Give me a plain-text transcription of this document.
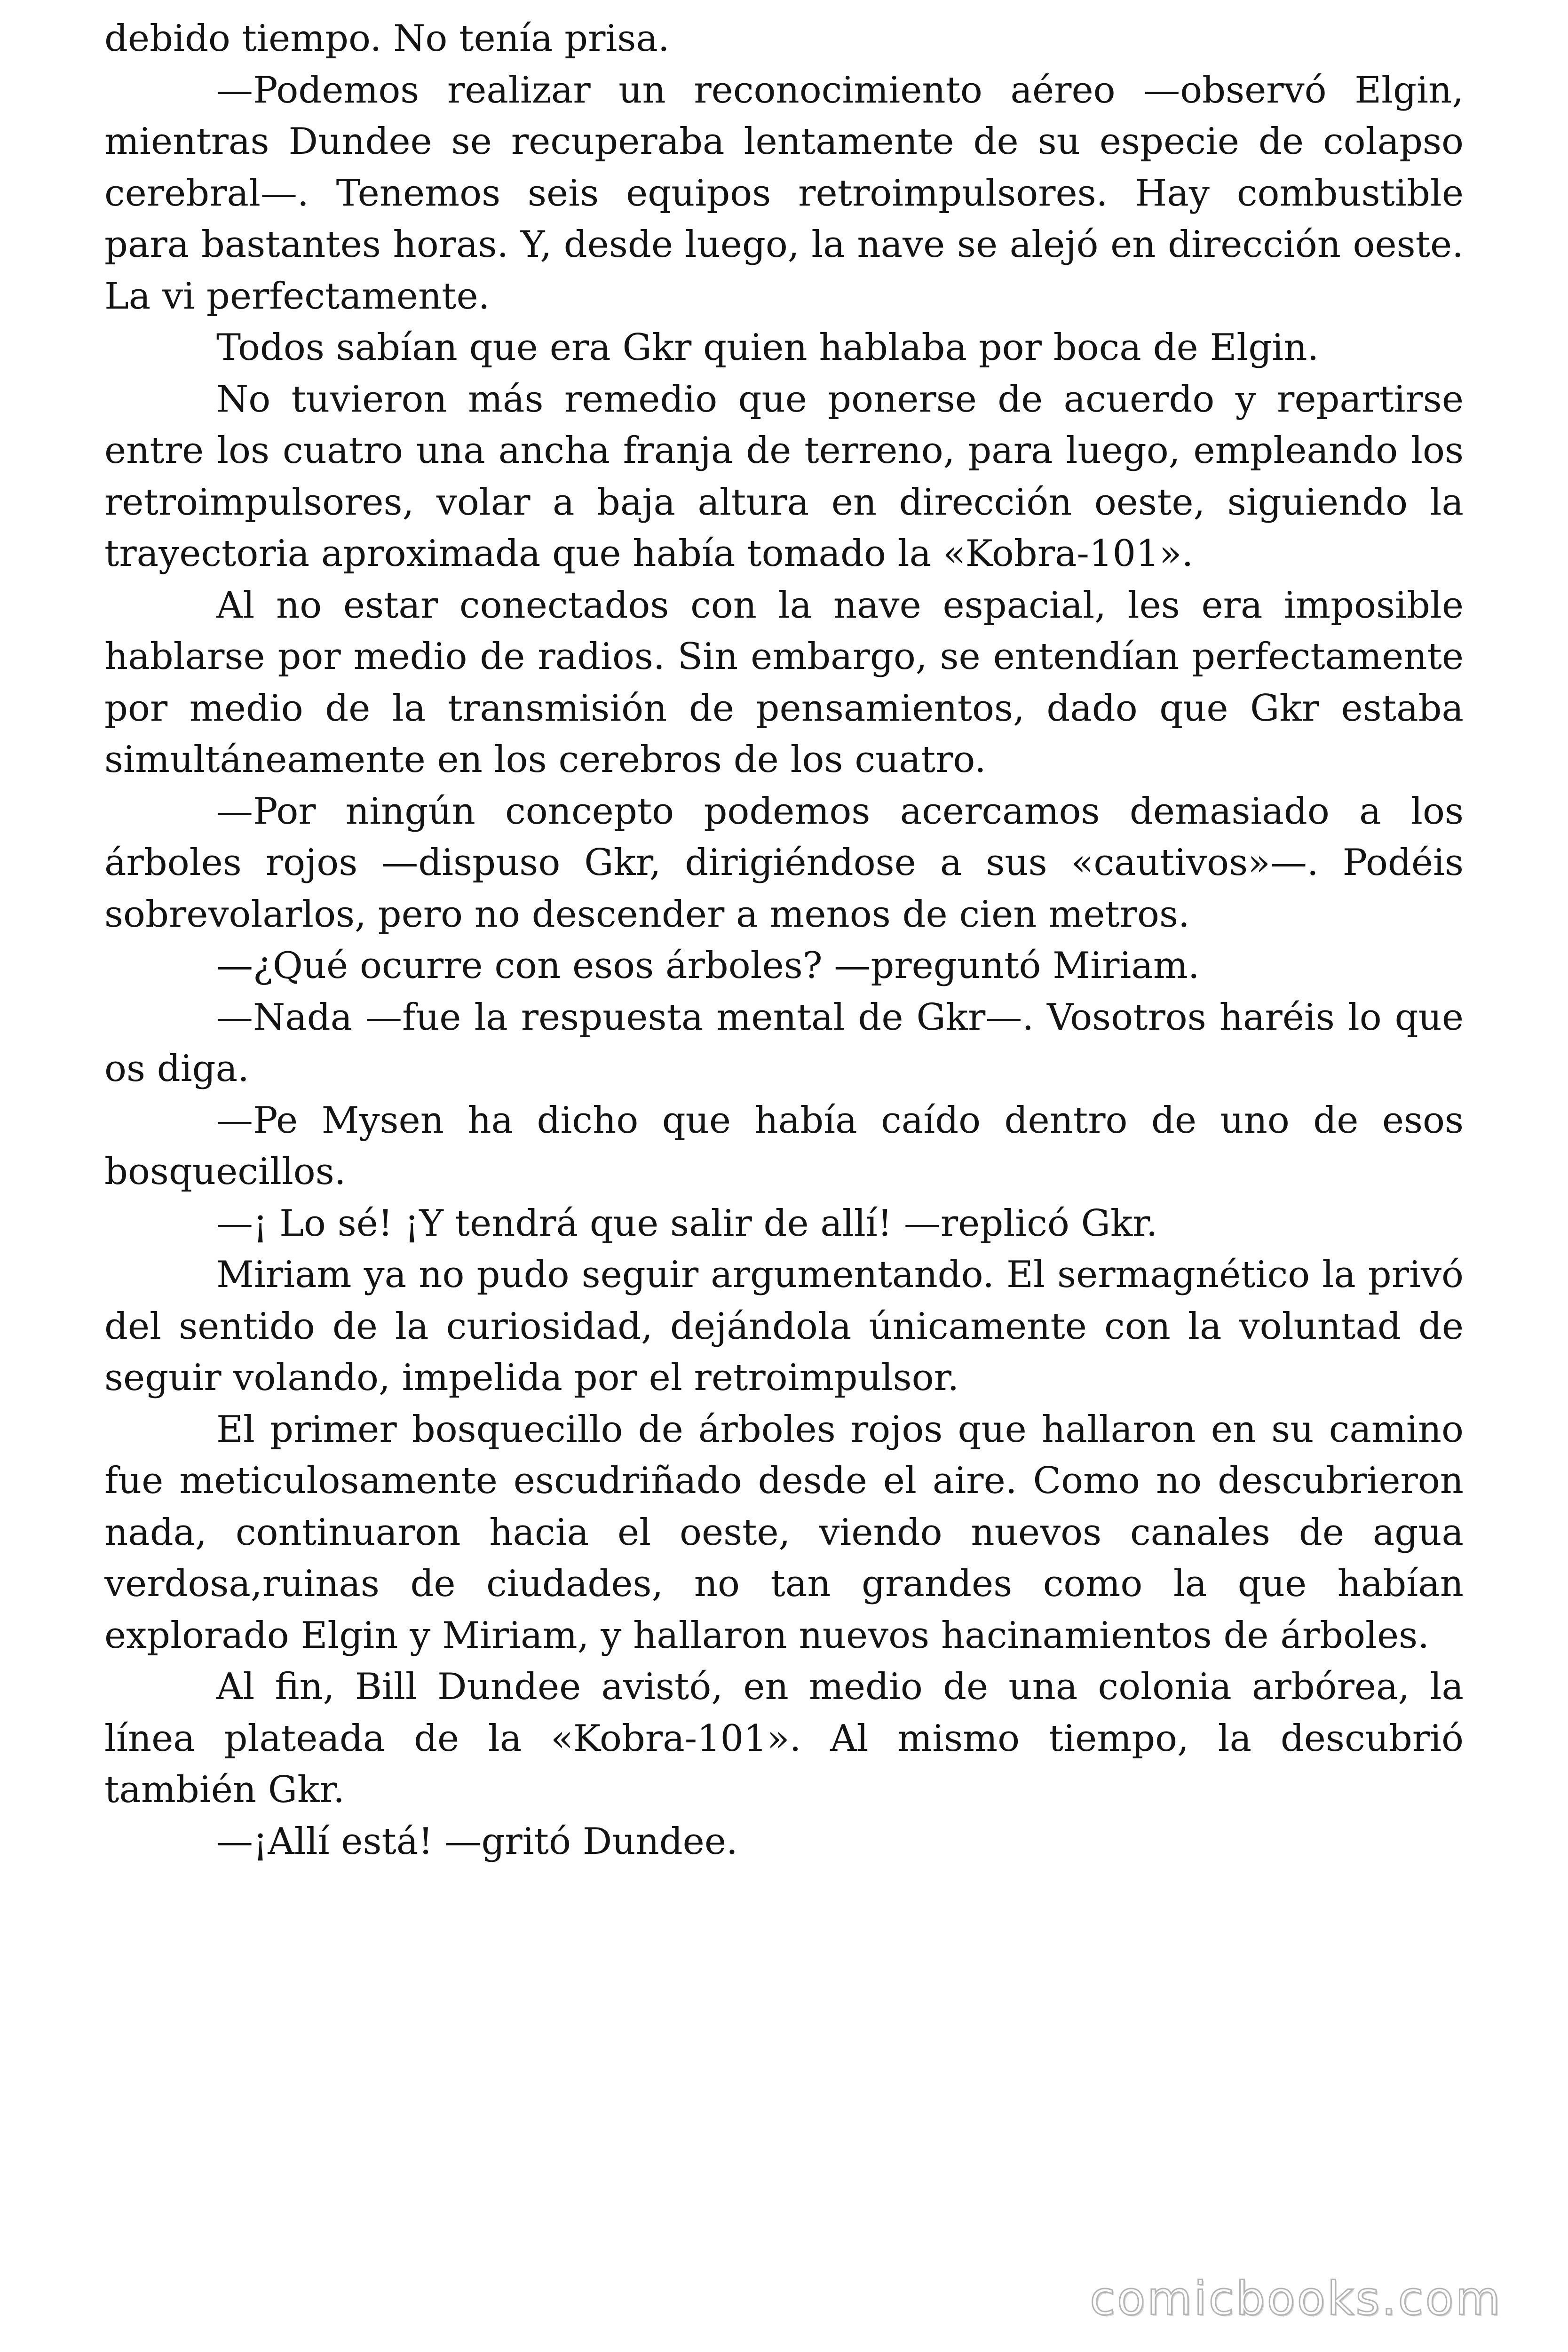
debido tiempo. No tenía prisa.

—Podemos realizar un reconocimiento aéreo —observó Elgin, mientras Dundee se recuperaba lentamente de su especie de colapso cerebral—. Tenemos seis equipos retroimpulsores. Hay combustible para bastantes horas. Y, desde luego, la nave se alejó en dirección oeste. La vi perfectamente.

Todos sabían que era Gkr quien hablaba por boca de Elgin.

No tuvieron más remedio que ponerse de acuerdo y repartirse entre los cuatro una ancha franja de terreno, para luego, empleando los retroimpulsores, volar a baja altura en dirección oeste, siguiendo la trayectoria aproximada que había tomado la «Kobra-101».

Al no estar conectados con la nave espacial, les era imposible hablarse por medio de radios. Sin embargo, se entendían perfectamente por medio de la transmisión de pensamientos, dado que Gkr estaba simultáneamente en los cerebros de los cuatro.

—Por ningún concepto podemos acercamos demasiado a los árboles rojos —dispuso Gkr, dirigiéndose a sus «cautivos»—. Podéis sobrevolarlos, pero no descender a menos de cien metros.

—¿Qué ocurre con esos árboles? —preguntó Miriam.

—Nada —fue la respuesta mental de Gkr—. Vosotros haréis lo que os diga.

—Pe Mysen ha dicho que había caído dentro de uno de esos bosquecillos.

—¡ Lo sé! ¡Y tendrá que salir de allí! —replicó Gkr.

Miriam ya no pudo seguir argumentando. El sermagnético la privó del sentido de la curiosidad, dejándola únicamente con la voluntad de seguir volando, impelida por el retroimpulsor.

El primer bosquecillo de árboles rojos que hallaron en su camino fue meticulosamente escudriñado desde el aire. Como no descubrieron nada, continuaron hacia el oeste, viendo nuevos canales de agua verdosa,ruinas de ciudades, no tan grandes como la que habían explorado Elgin y Miriam, y hallaron nuevos hacinamientos de árboles.

Al fin, Bill Dundee avistó, en medio de una colonia arbórea, la línea plateada de la «Kobra-101». Al mismo tiempo, la descubrió también Gkr.

—¡Allí está! —gritó Dundee.

comicbooks.com
